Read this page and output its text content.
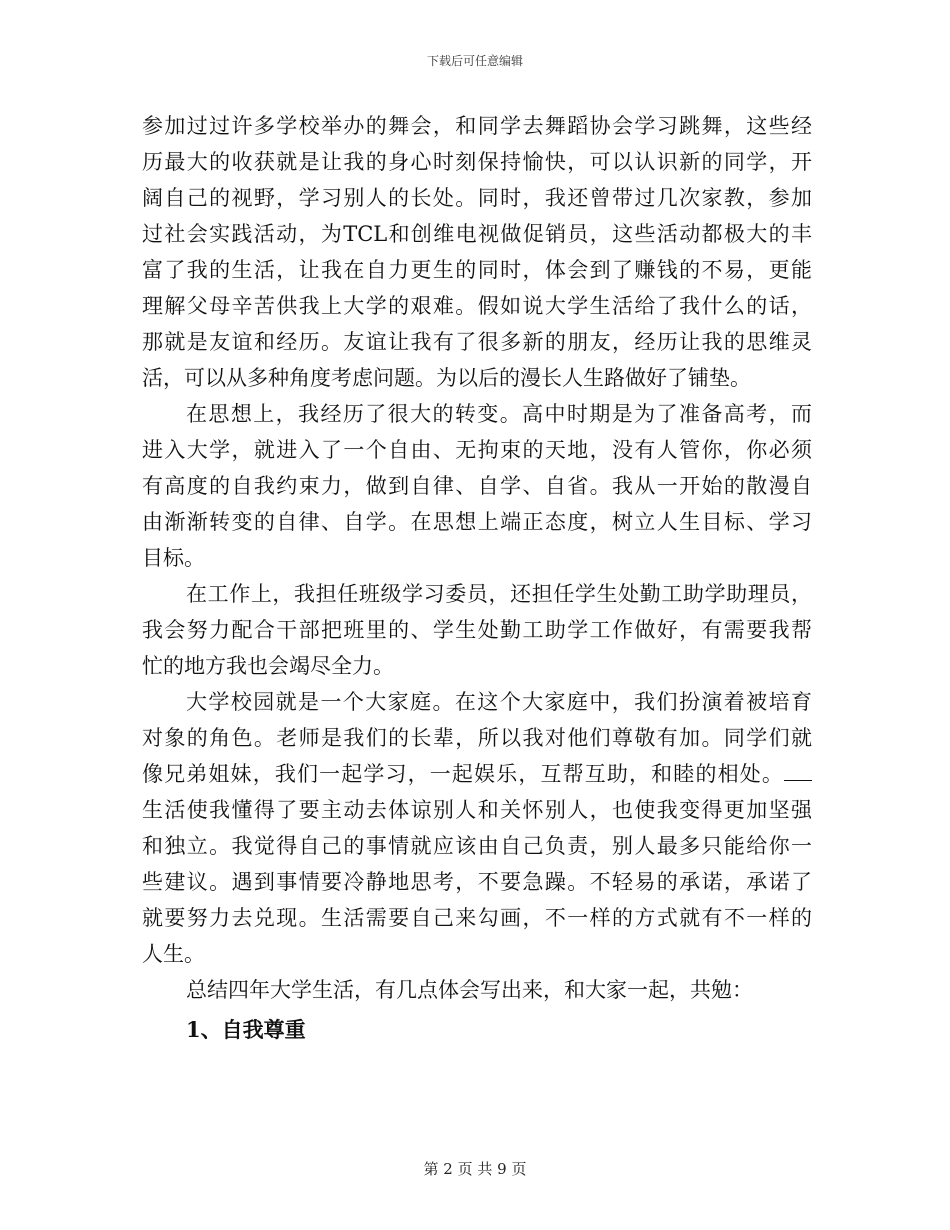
下载后可任意编辑
参加过过许多学校举办的舞会，和同学去舞蹈协会学习跳舞，这些经
历最大的收获就是让我的身心时刻保持愉快，可以认识新的同学，开
阔自己的视野，学习别人的长处。同时，我还曾带过几次家教，参加
过社会实践活动，为TCL和创维电视做促销员，这些活动都极大的丰
富了我的生活，让我在自力更生的同时，体会到了赚钱的不易，更能
理解父母辛苦供我上大学的艰难。假如说大学生活给了我什么的话，
那就是友谊和经历。友谊让我有了很多新的朋友，经历让我的思维灵
活，可以从多种角度考虑问题。为以后的漫长人生路做好了铺垫。
在思想上，我经历了很大的转变。高中时期是为了准备高考，而
进入大学，就进入了一个自由、无拘束的天地，没有人管你，你必须
有高度的自我约束力，做到自律、自学、自省。我从一开始的散漫自
由渐渐转变的自律、自学。在思想上端正态度，树立人生目标、学习
目标。
在工作上，我担任班级学习委员，还担任学生处勤工助学助理员，
我会努力配合干部把班里的、学生处勤工助学工作做好，有需要我帮
忙的地方我也会竭尽全力。
大学校园就是一个大家庭。在这个大家庭中，我们扮演着被培育
对象的角色。老师是我们的长辈，所以我对他们尊敬有加。同学们就
像兄弟姐妹，我们一起学习，一起娱乐，互帮互助，和睦的相处。
生活使我懂得了要主动去体谅别人和关怀别人，也使我变得更加坚强
和独立。我觉得自己的事情就应该由自己负责，别人最多只能给你一
些建议。遇到事情要冷静地思考，不要急躁。不轻易的承诺，承诺了
就要努力去兑现。生活需要自己来勾画，不一样的方式就有不一样的
人生。
总结四年大学生活，有几点体会写出来，和大家一起，共勉：
1、自我尊重
第 2 页 共 9 页
